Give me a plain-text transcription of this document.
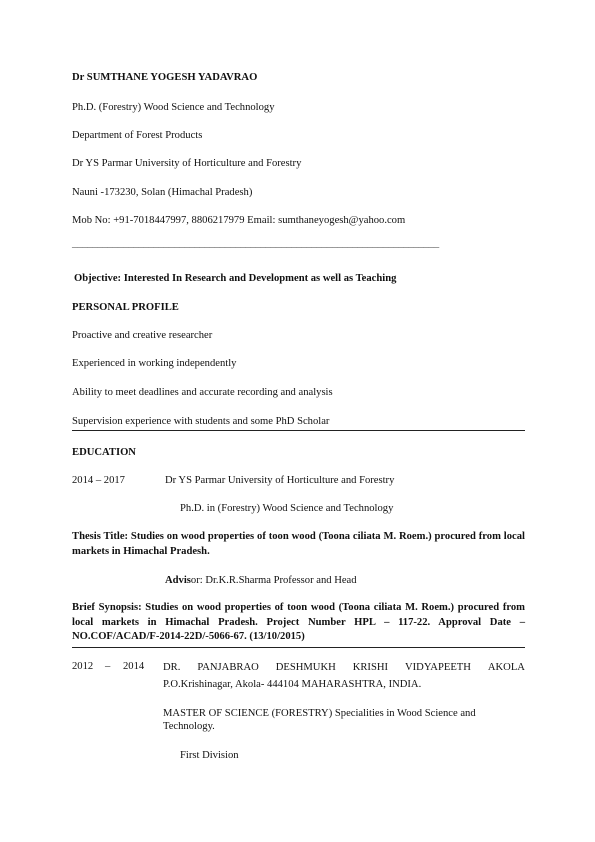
Dr SUMTHANE YOGESH YADAVRAO
Ph.D. (Forestry) Wood Science and Technology
Department of Forest Products
Dr YS Parmar University of Horticulture and Forestry
Nauni -173230, Solan (Himachal Pradesh)
Mob No: +91-7018447997, 8806217979 Email: sumthaneyogesh@yahoo.com
________________________________________________________________________
Objective: Interested In Research and Development as well as Teaching
PERSONAL PROFILE
Proactive and creative researcher
Experienced in working independently
Ability to meet deadlines and accurate recording and analysis
Supervision experience with students and some PhD Scholar
EDUCATION
2014 – 2017	Dr YS Parmar University of Horticulture and Forestry
Ph.D. in (Forestry) Wood Science and Technology
Thesis Title: Studies on wood properties of toon wood (Toona ciliata M. Roem.) procured from local markets in Himachal Pradesh.
Advisor: Dr.K.R.Sharma Professor and Head
Brief Synopsis: Studies on wood properties of toon wood (Toona ciliata M. Roem.) procured from local markets in Himachal Pradesh. Project Number HPL – 117-22. Approval Date – NO.COF/ACAD/F-2014-22D/-5066-67. (13/10/2015)
2012 – 2014 DR. PANJABRAO DESHMUKH KRISHI VIDYAPEETH AKOLA
P.O.Krishinagar, Akola- 444104 MAHARASHTRA, INDIA.
MASTER OF SCIENCE (FORESTRY) Specialities in Wood Science and
Technology.
First Division
